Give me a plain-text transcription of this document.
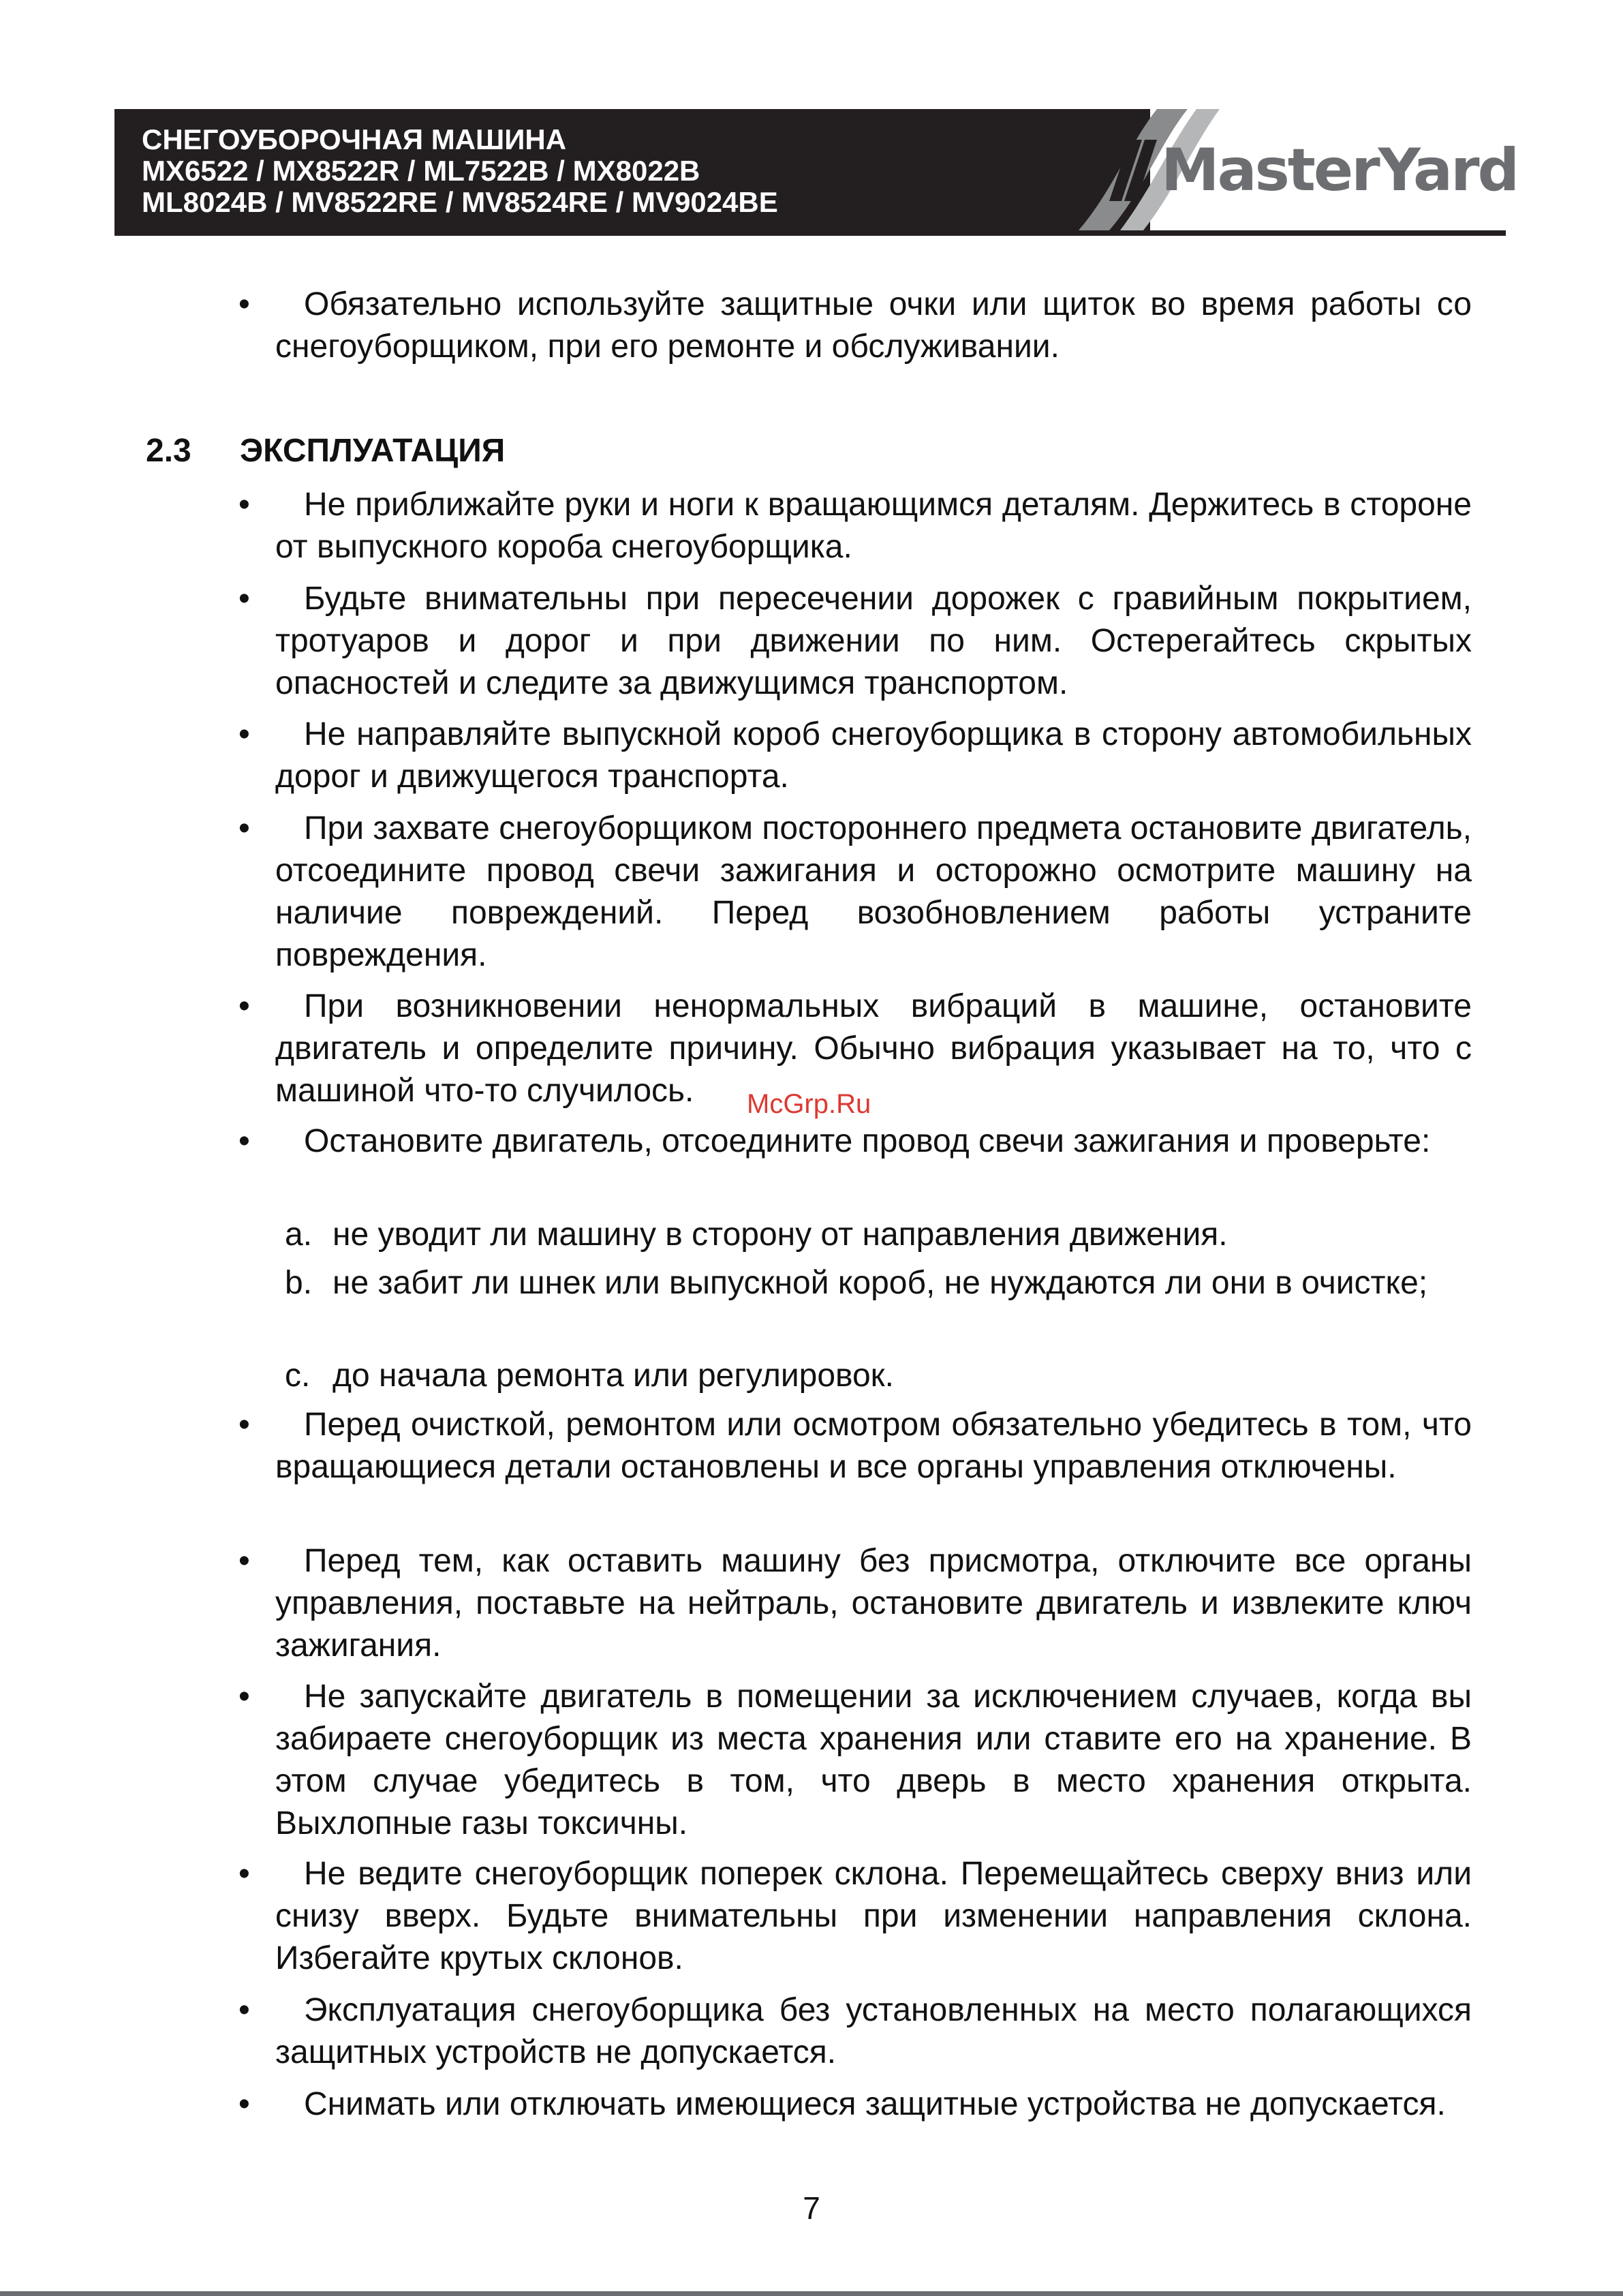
СНЕГОУБОРОЧНАЯ МАШИНА
MX6522 / MX8522R / ML7522B / MX8022B
ML8024B / MV8522RE / MV8524RE / MV9024BE	MasterYard
•	Обязательно используйте защитные очки или щиток во время работы со снегоуборщиком, при его ремонте и обслуживании.
2.3 ЭКСПЛУАТАЦИЯ
•	Не приближайте руки и ноги к вращающимся деталям. Держитесь в стороне от выпускного короба снегоуборщика.
•	Будьте внимательны при пересечении дорожек с гравийным покрытием, тротуаров и дорог и при движении по ним. Остерегайтесь скрытых опасностей и следите за движущимся транспортом.
•	Не направляйте выпускной короб снегоуборщика в сторону автомобильных дорог и движущегося транспорта.
•	При захвате снегоуборщиком постороннего предмета остановите двигатель, отсоедините провод свечи зажигания и осторожно осмотрите машину на наличие повреждений. Перед возобновлением работы устраните повреждения.
•	При возникновении ненормальных вибраций в машине, остановите двигатель и определите причину. Обычно вибрация указывает на то, что с машиной что-то случилось.
•	Остановите двигатель, отсоедините провод свечи зажигания и проверьте:
a. не уводит ли машину в сторону от направления движения.
b. не забит ли шнек или выпускной короб, не нуждаются ли они в очистке;
c. до начала ремонта или регулировок.
•	Перед очисткой, ремонтом или осмотром обязательно убедитесь в том, что вращающиеся детали остановлены и все органы управления отключены.
•	Перед тем, как оставить машину без присмотра, отключите все органы управления, поставьте на нейтраль, остановите двигатель и извлеките ключ зажигания.
•	Не запускайте двигатель в помещении за исключением случаев, когда вы забираете снегоуборщик из места хранения или ставите его на хранение. В этом случае убедитесь в том, что дверь в место хранения открыта. Выхлопные газы токсичны.
•	Не ведите снегоуборщик поперек склона. Перемещайтесь сверху вниз или снизу вверх. Будьте внимательны при изменении направления склона. Избегайте крутых склонов.
•	Эксплуатация снегоуборщика без установленных на место полагающихся защитных устройств не допускается.
•	Снимать или отключать имеющиеся защитные устройства не допускается.
McGrp.Ru
7
